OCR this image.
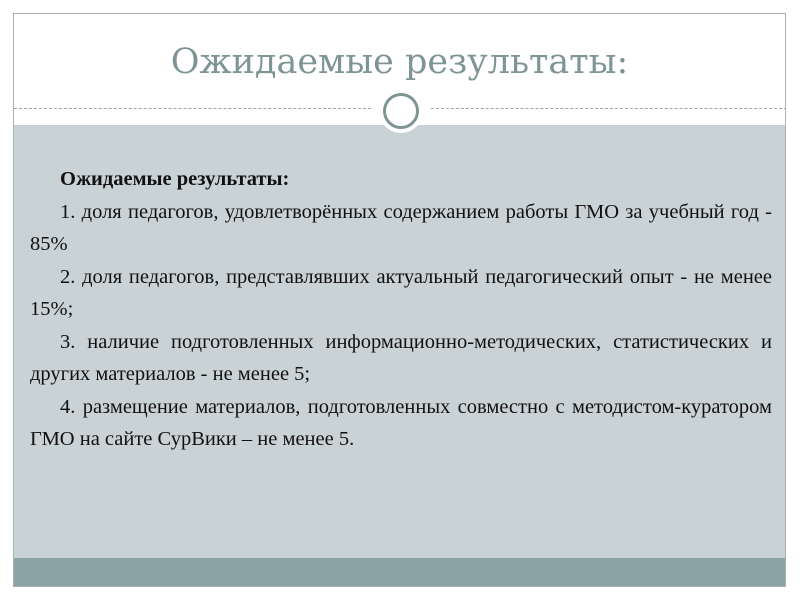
Ожидаемые результаты:

Ожидаемые результаты:

1. доля педагогов, удовлетворённых содержанием работы ГМО за учебный год - 85%

2. доля педагогов, представлявших актуальный педагогический опыт - не менее 15%;

3. наличие подготовленных информационно-методических, статистических и других материалов - не менее 5;

4. размещение материалов, подготовленных совместно с методистом-куратором ГМО на сайте СурВики – не менее 5.
